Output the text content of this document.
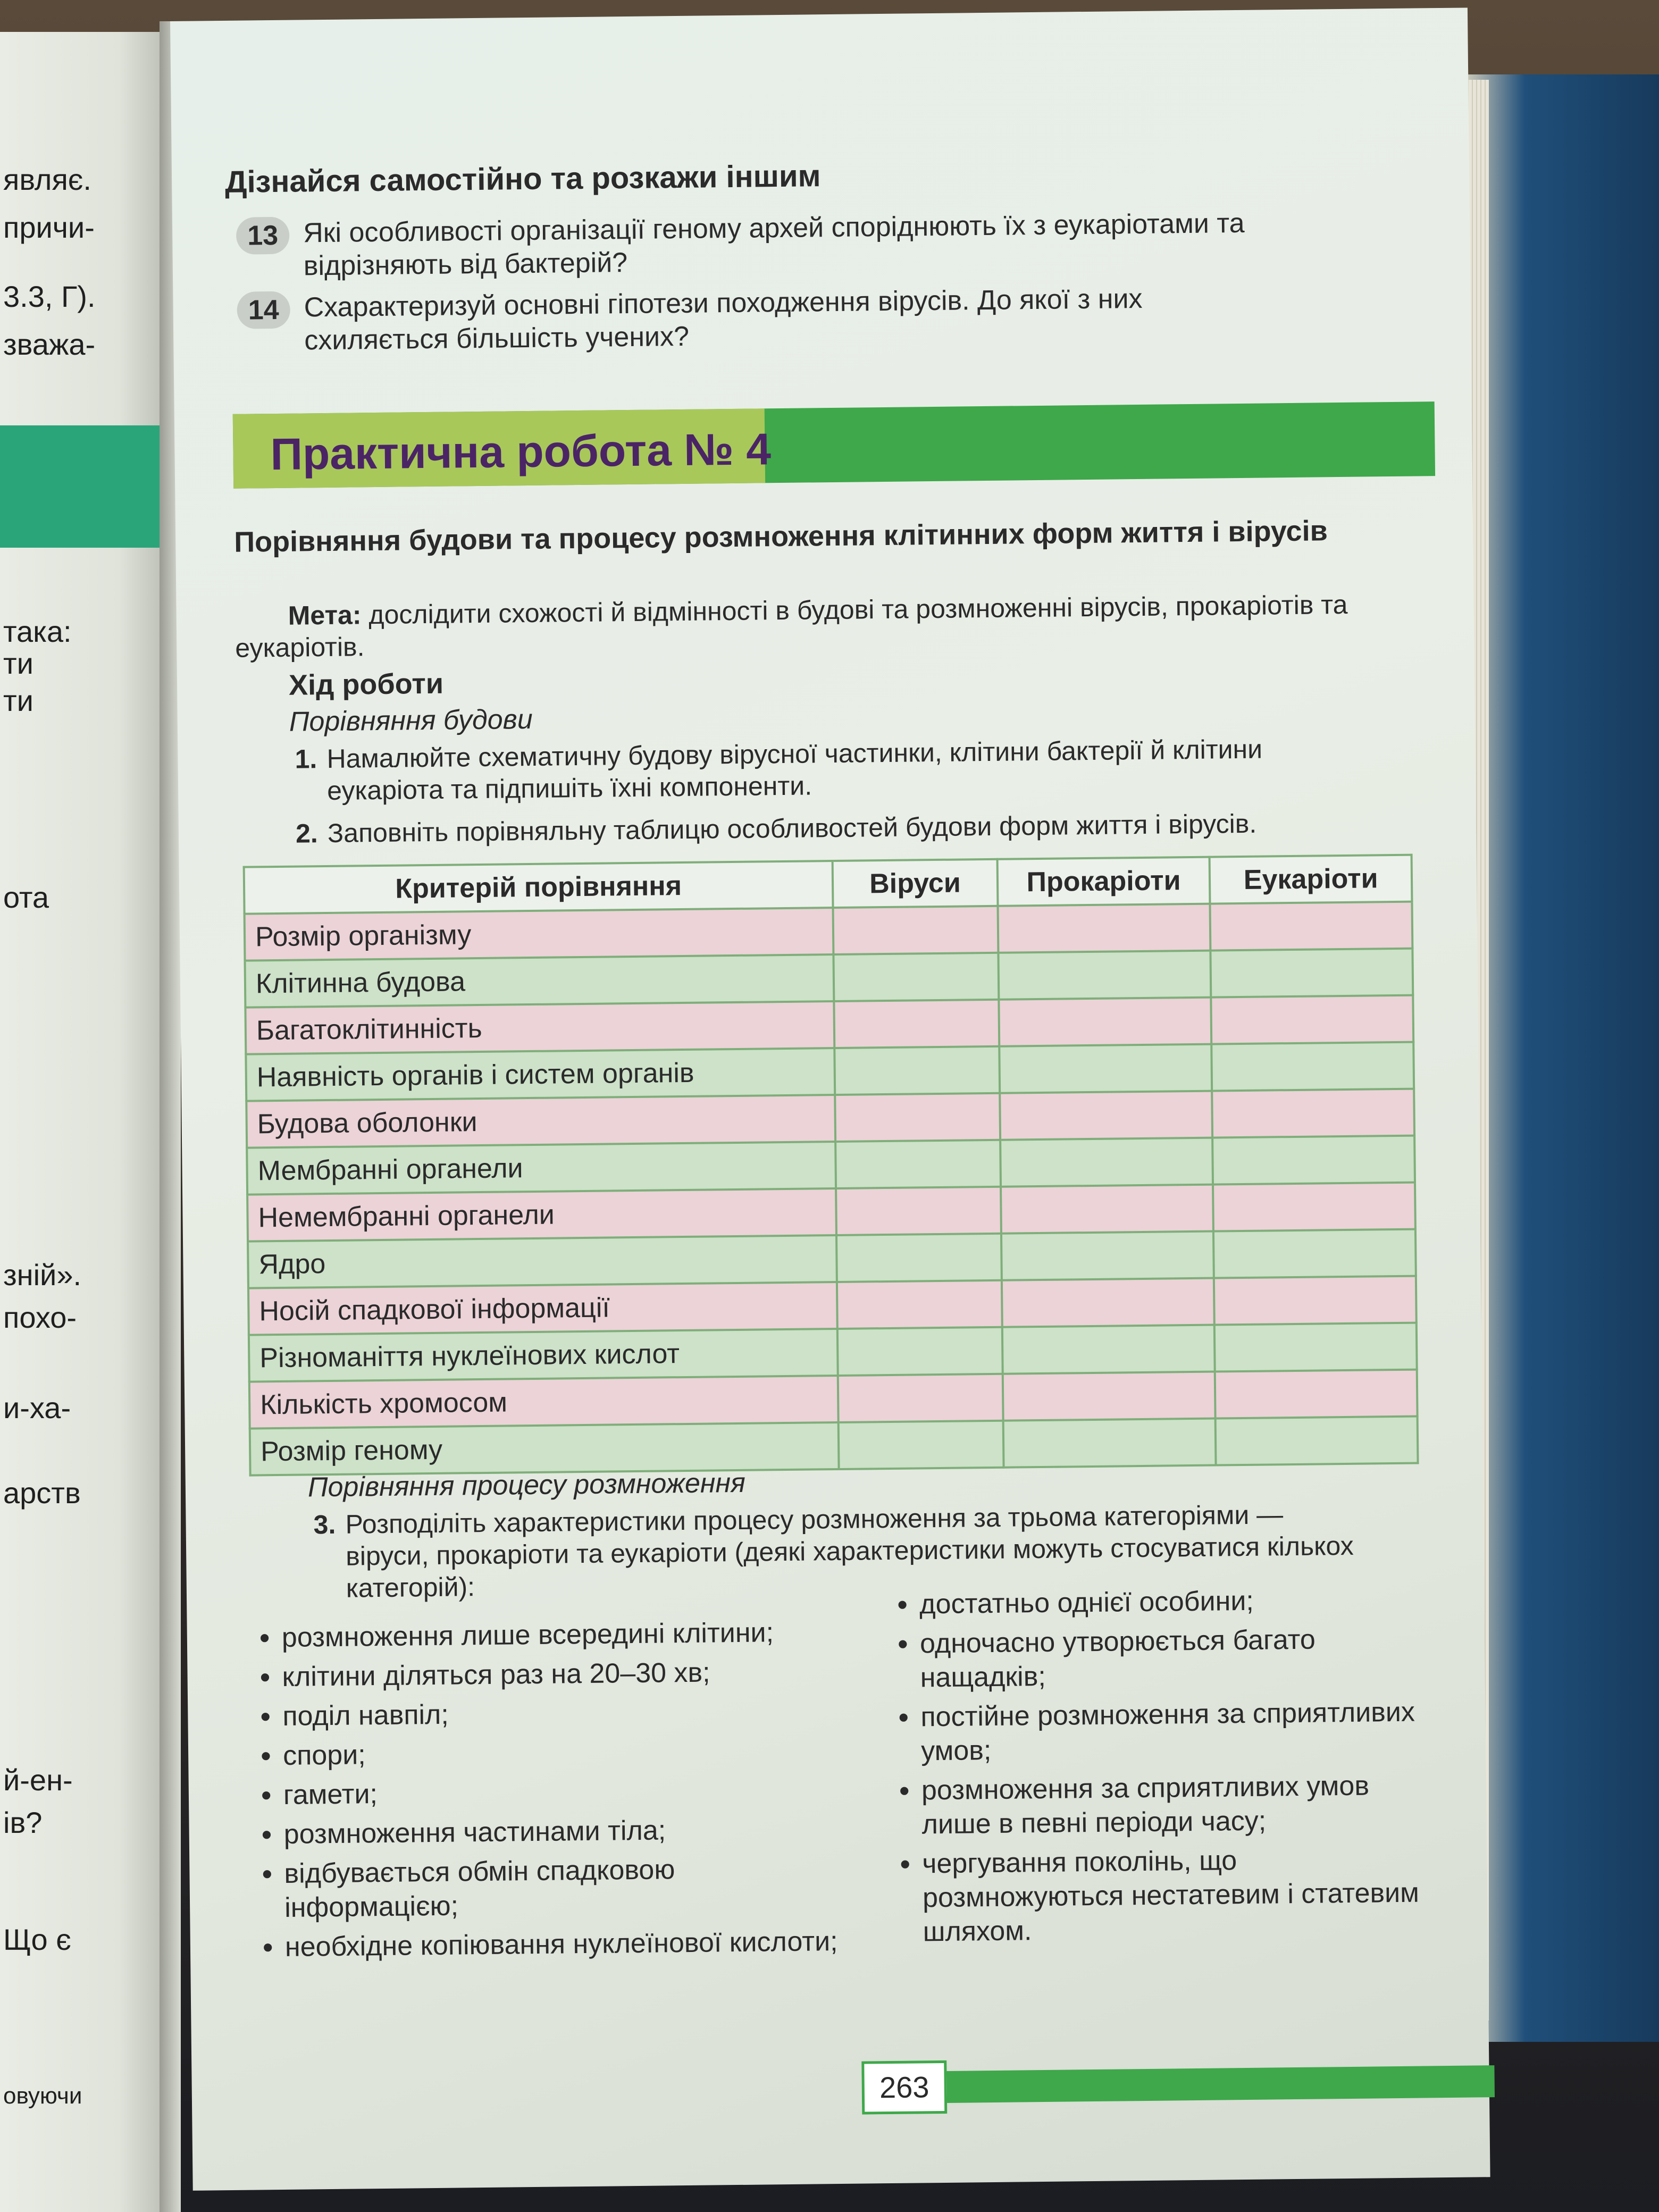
являє.
причи-
3.3, Г).
зважа-
така:
ти
ти
ота
зній».
похо-
и-ха-
арств
й-ен-
ів?
Що є
овуючи
Дізнайся самостійно та розкажи іншим
13 Які особливості організації геному архей споріднюють їх з еукаріотами та відрізняють від бактерій?
14 Схарактеризуй основні гіпотези походження вірусів. До якої з них схиляється більшість учених?
Практична робота № 4
Порівняння будови та процесу розмноження клітинних форм життя і вірусів
Мета: дослідити схожості й відмінності в будові та розмноженні вірусів, прокаріотів та еукаріотів.
Хід роботи
Порівняння будови
1. Намалюйте схематичну будову вірусної частинки, клітини бактерії й клітини еукаріота та підпишіть їхні компоненти.
2. Заповніть порівняльну таблицю особливостей будови форм життя і вірусів.
Критерій порівняння	Віруси	Прокаріоти	Еукаріоти
Розмір організму			
Клітинна будова			
Багатоклітинність			
Наявність органів і систем органів			
Будова оболонки			
Мембранні органели			
Немембранні органели			
Ядро			
Носій спадкової інформації			
Різноманіття нуклеїнових кислот			
Кількість хромосом			
Розмір геному			
Порівняння процесу розмноження
3. Розподіліть характеристики процесу розмноження за трьома категоріями — віруси, прокаріоти та еукаріоти (деякі характеристики можуть стосуватися кількох категорій):
• розмноження лише всередині клітини;
• клітини діляться раз на 20–30 хв;
• поділ навпіл;
• спори;
• гамети;
• розмноження частинами тіла;
• відбувається обмін спадковою інформацією;
• необхідне копіювання нуклеїнової кислоти;
• достатньо однієї особини;
• одночасно утворюється багато нащадків;
• постійне розмноження за сприятливих умов;
• розмноження за сприятливих умов лише в певні періоди часу;
• чергування поколінь, що розмножуються нестатевим і статевим шляхом.
263
